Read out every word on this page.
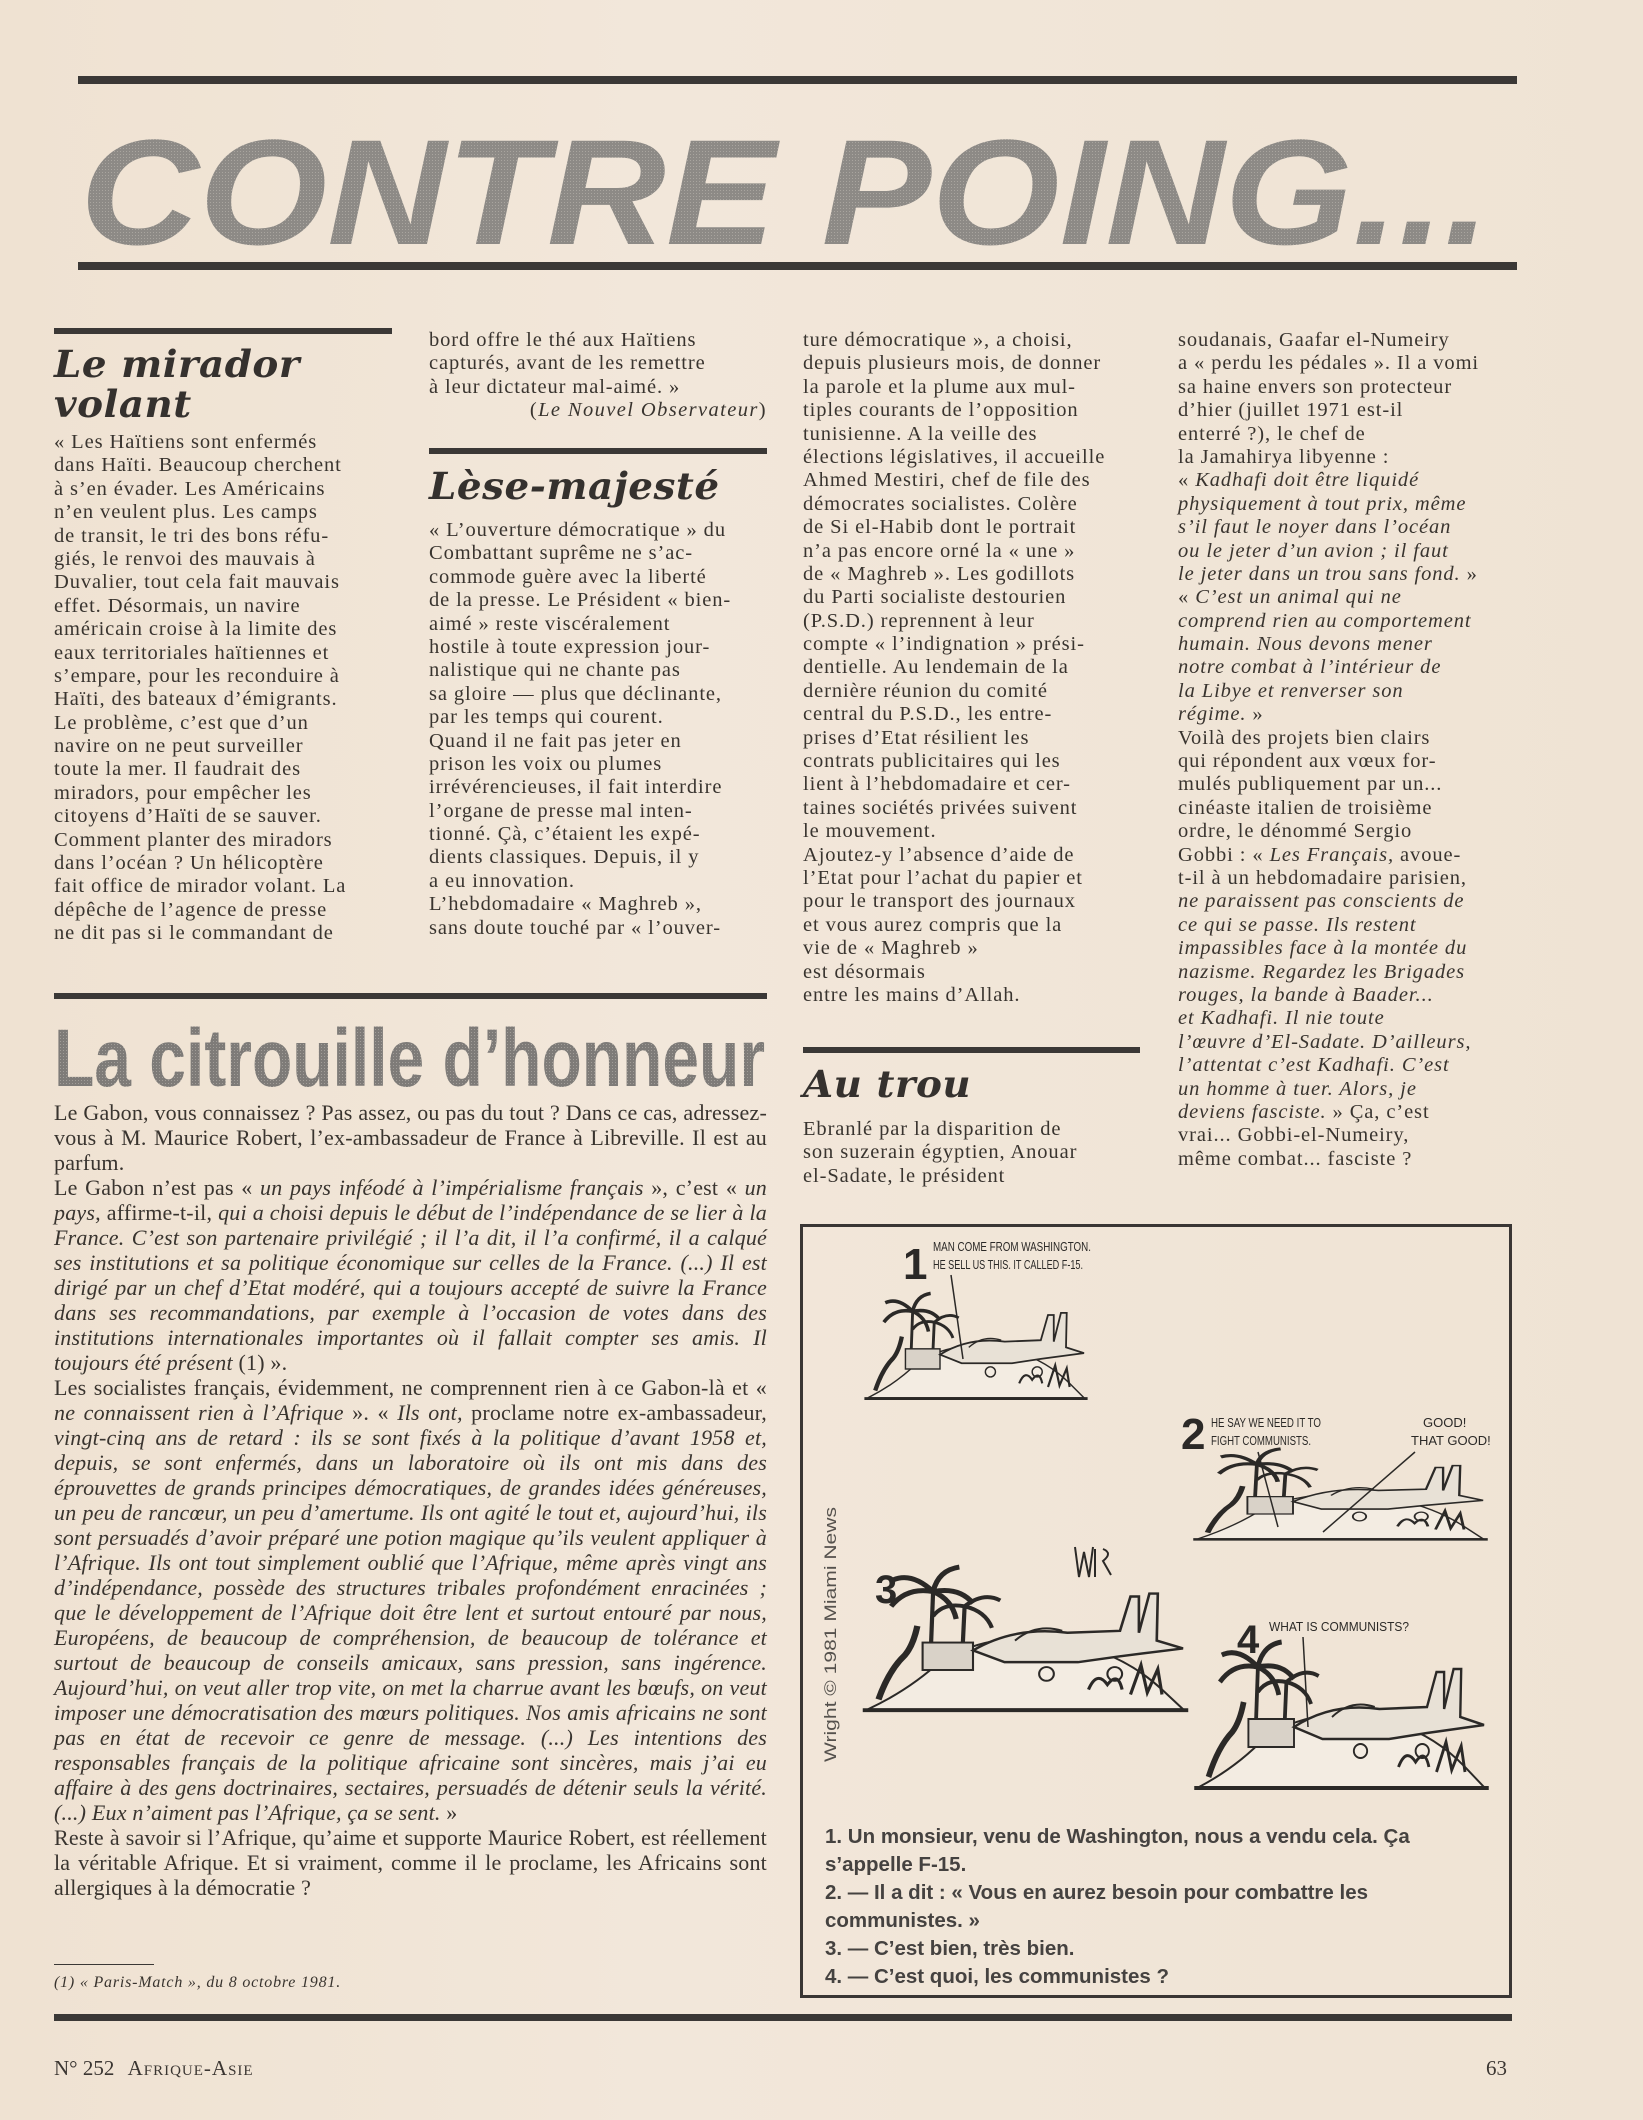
CONTRE POING...
Le mirador
volant
« Les Haïtiens sont enfermés
dans Haïti. Beaucoup cherchent
à s’en évader. Les Américains
n’en veulent plus. Les camps
de transit, le tri des bons réfu-
giés, le renvoi des mauvais à
Duvalier, tout cela fait mauvais
effet. Désormais, un navire
américain croise à la limite des
eaux territoriales haïtiennes et
s’empare, pour les reconduire à
Haïti, des bateaux d’émigrants.
Le problème, c’est que d’un
navire on ne peut surveiller
toute la mer. Il faudrait des
miradors, pour empêcher les
citoyens d’Haïti de se sauver.
Comment planter des miradors
dans l’océan ? Un hélicoptère
fait office de mirador volant. La
dépêche de l’agence de presse
ne dit pas si le commandant de
bord offre le thé aux Haïtiens
capturés, avant de les remettre
à leur dictateur mal-aimé. »
(Le Nouvel Observateur)
Lèse-majesté
« L’ouverture démocratique » du
Combattant suprême ne s’ac-
commode guère avec la liberté
de la presse. Le Président « bien-
aimé » reste viscéralement
hostile à toute expression jour-
nalistique qui ne chante pas
sa gloire — plus que déclinante,
par les temps qui courent.
Quand il ne fait pas jeter en
prison les voix ou plumes
irrévérencieuses, il fait interdire
l’organe de presse mal inten-
tionné. Çà, c’étaient les expé-
dients classiques. Depuis, il y
a eu innovation.
L’hebdomadaire « Maghreb »,
sans doute touché par « l’ouver-
ture démocratique », a choisi,
depuis plusieurs mois, de donner
la parole et la plume aux mul-
tiples courants de l’opposition
tunisienne. A la veille des
élections législatives, il accueille
Ahmed Mestiri, chef de file des
démocrates socialistes. Colère
de Si el-Habib dont le portrait
n’a pas encore orné la « une »
de « Maghreb ». Les godillots
du Parti socialiste destourien
(P.S.D.) reprennent à leur
compte « l’indignation » prési-
dentielle. Au lendemain de la
dernière réunion du comité
central du P.S.D., les entre-
prises d’Etat résilient les
contrats publicitaires qui les
lient à l’hebdomadaire et cer-
taines sociétés privées suivent
le mouvement.
Ajoutez-y l’absence d’aide de
l’Etat pour l’achat du papier et
pour le transport des journaux
et vous aurez compris que la
vie de « Maghreb »
est désormais
entre les mains d’Allah.
Au trou
Ebranlé par la disparition de
son suzerain égyptien, Anouar
el-Sadate, le président
soudanais, Gaafar el-Numeiry
a « perdu les pédales ». Il a vomi
sa haine envers son protecteur
d’hier (juillet 1971 est-il
enterré ?), le chef de
la Jamahirya libyenne :
« Kadhafi doit être liquidé
physiquement à tout prix, même
s’il faut le noyer dans l’océan
ou le jeter d’un avion ; il faut
le jeter dans un trou sans fond. »
« C’est un animal qui ne
comprend rien au comportement
humain. Nous devons mener
notre combat à l’intérieur de
la Libye et renverser son
régime. »
Voilà des projets bien clairs
qui répondent aux vœux for-
mulés publiquement par un...
cinéaste italien de troisième
ordre, le dénommé Sergio
Gobbi : « Les Français, avoue-
t-il à un hebdomadaire parisien,
ne paraissent pas conscients de
ce qui se passe. Ils restent
impassibles face à la montée du
nazisme. Regardez les Brigades
rouges, la bande à Baader...
et Kadhafi. Il nie toute
l’œuvre d’El-Sadate. D’ailleurs,
l’attentat c’est Kadhafi. C’est
un homme à tuer. Alors, je
deviens fasciste. » Ça, c’est
vrai... Gobbi-el-Numeiry,
même combat... fasciste ?
La citrouille d’honneur

Le Gabon, vous connaissez ? Pas assez, ou pas du tout ? Dans ce cas, adressez-vous à M. Maurice Robert, l’ex-ambassadeur de France à Libreville. Il est au parfum.

Le Gabon n’est pas « un pays inféodé à l’impérialisme français », c’est « un pays, affirme-t-il, qui a choisi depuis le début de l’indépendance de se lier à la France. C’est son partenaire privilégié ; il l’a dit, il l’a confirmé, il a calqué ses institutions et sa politique économique sur celles de la France. (...) Il est dirigé par un chef d’Etat modéré, qui a toujours accepté de suivre la France dans ses recommandations, par exemple à l’occasion de votes dans des institutions internationales importantes où il fallait compter ses amis. Il toujours été présent (1) ».

Les socialistes français, évidemment, ne comprennent rien à ce Gabon-là et « ne connaissent rien à l’Afrique ». « Ils ont, proclame notre ex-ambassadeur, vingt-cinq ans de retard : ils se sont fixés à la politique d’avant 1958 et, depuis, se sont enfermés, dans un laboratoire où ils ont mis dans des éprouvettes de grands principes démocratiques, de grandes idées généreuses, un peu de rancœur, un peu d’amertume. Ils ont agité le tout et, aujourd’hui, ils sont persuadés d’avoir préparé une potion magique qu’ils veulent appliquer à l’Afrique. Ils ont tout simplement oublié que l’Afrique, même après vingt ans d’indépendance, possède des structures tribales profondément enracinées ; que le développement de l’Afrique doit être lent et surtout entouré par nous, Européens, de beaucoup de compréhension, de beaucoup de tolérance et surtout de beaucoup de conseils amicaux, sans pression, sans ingérence. Aujourd’hui, on veut aller trop vite, on met la charrue avant les bœufs, on veut imposer une démocratisation des mœurs politiques. Nos amis africains ne sont pas en état de recevoir ce genre de message. (...) Les intentions des responsables français de la politique africaine sont sincères, mais j’ai eu affaire à des gens doctrinaires, sectaires, persuadés de détenir seuls la vérité. (...) Eux n’aiment pas l’Afrique, ça se sent. »

Reste à savoir si l’Afrique, qu’aime et supporte Maurice Robert, est réellement la véritable Afrique. Et si vraiment, comme il le proclame, les Africains sont allergiques à la démocratie ?

(1) « Paris-Match », du 8 octobre 1981.
1 MAN COME FROM WASHINGTON.
HE SELL US THIS. IT CALLED F-15.
2 HE SAY WE NEED IT TO
FIGHT COMMUNISTS.
GOOD!
THAT GOOD!
3
4 WHAT IS COMMUNISTS?
Wright © 1981 Miami News
1. Un monsieur, venu de Washington, nous a vendu cela. Ça s’appelle F-15.
2. — Il a dit : « Vous en aurez besoin pour combattre les communistes. »
3. — C’est bien, très bien.
4. — C’est quoi, les communistes ?
N° 252 Afrique-Asie	63
